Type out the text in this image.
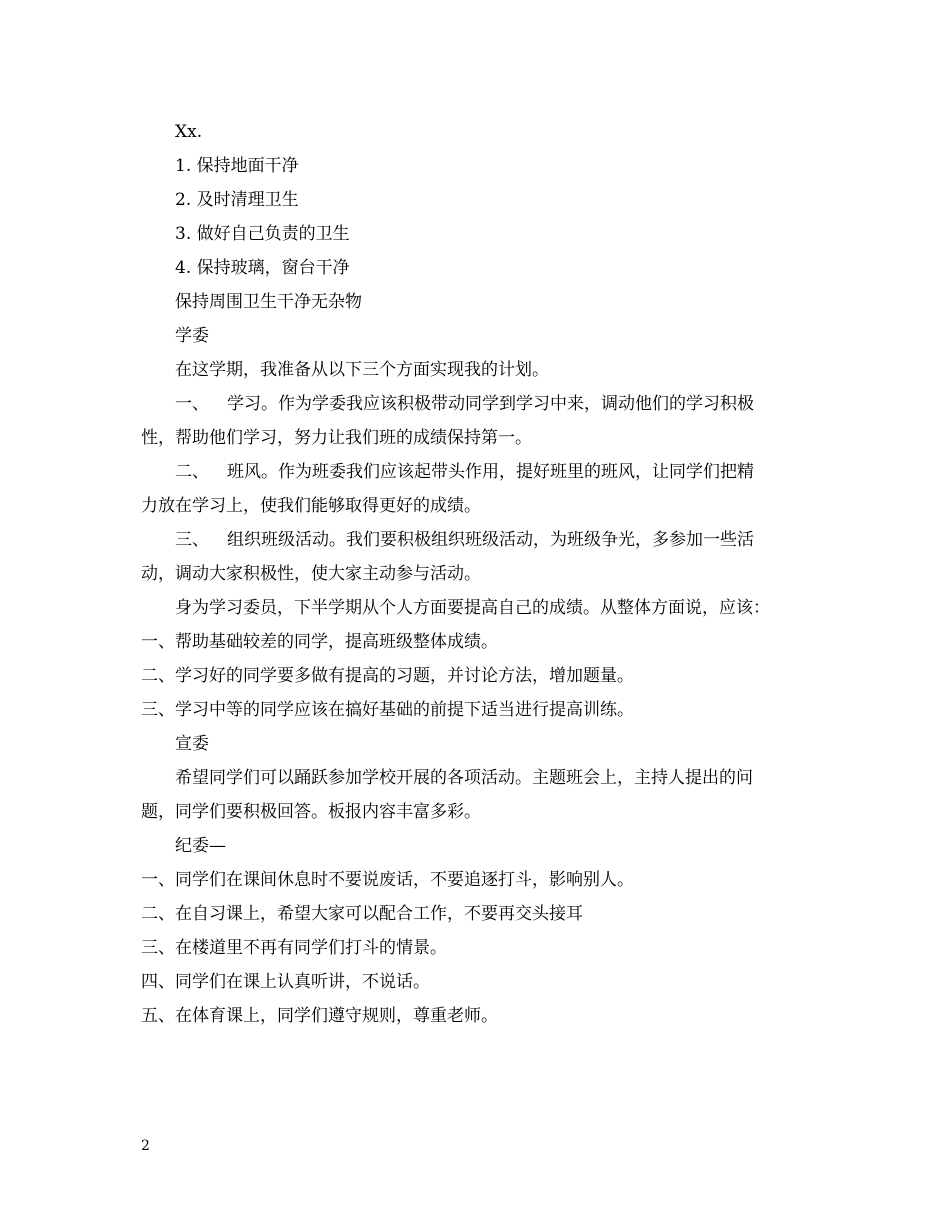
Xx.
1. 保持地面干净
2. 及时清理卫生
3. 做好自己负责的卫生
4. 保持玻璃，窗台干净
保持周围卫生干净无杂物
学委
在这学期，我准备从以下三个方面实现我的计划。
一、 学习。作为学委我应该积极带动同学到学习中来，调动他们的学习积极
性，帮助他们学习，努力让我们班的成绩保持第一。
二、 班风。作为班委我们应该起带头作用，提好班里的班风，让同学们把精
力放在学习上，使我们能够取得更好的成绩。
三、 组织班级活动。我们要积极组织班级活动，为班级争光，多参加一些活
动，调动大家积极性，使大家主动参与活动。
身为学习委员，下半学期从个人方面要提高自己的成绩。从整体方面说，应该：
一、帮助基础较差的同学，提高班级整体成绩。
二、学习好的同学要多做有提高的习题，并讨论方法，增加题量。
三、学习中等的同学应该在搞好基础的前提下适当进行提高训练。
宣委
希望同学们可以踊跃参加学校开展的各项活动。主题班会上，主持人提出的问
题，同学们要积极回答。板报内容丰富多彩。
纪委—
一、同学们在课间休息时不要说废话，不要追逐打斗，影响别人。
二、在自习课上，希望大家可以配合工作，不要再交头接耳
三、在楼道里不再有同学们打斗的情景。
四、同学们在课上认真听讲，不说话。
五、在体育课上，同学们遵守规则，尊重老师。
2
